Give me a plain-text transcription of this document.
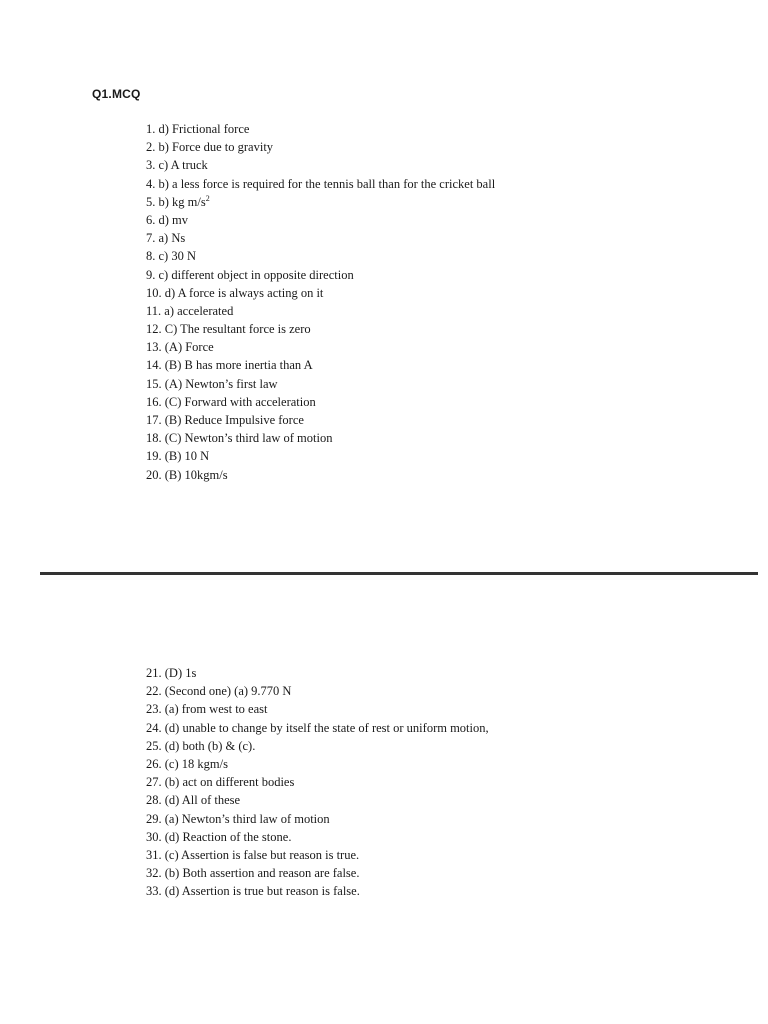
Q1.MCQ
1. d) Frictional force
2. b) Force due to gravity
3. c) A truck
4. b) a less force is required for the tennis ball than for the cricket ball
5. b) kg $m/s^2$
6. d) mv
7. a) Ns
8. c) 30 N
9. c) different object in opposite direction
10. d) A force is always acting on it
11. a) accelerated
12. C) The resultant force is zero
13. (A) Force
14. (B) B has more inertia than A
15. (A) Newton’s first law
16. (C) Forward with acceleration
17. (B) Reduce Impulsive force
18. (C) Newton’s third law of motion
19. (B) 10 N
20. (B) 10kgm/s
21. (D) 1s
22. (Second one) (a) 9.770 N
23. (a) from west to east
24. (d) unable to change by itself the state of rest or uniform motion,
25. (d) both (b) & (c).
26. (c) 18 kgm/s
27. (b) act on different bodies
28. (d) All of these
29. (a) Newton’s third law of motion
30. (d) Reaction of the stone.
31. (c) Assertion is false but reason is true.
32. (b) Both assertion and reason are false.
33. (d) Assertion is true but reason is false.
